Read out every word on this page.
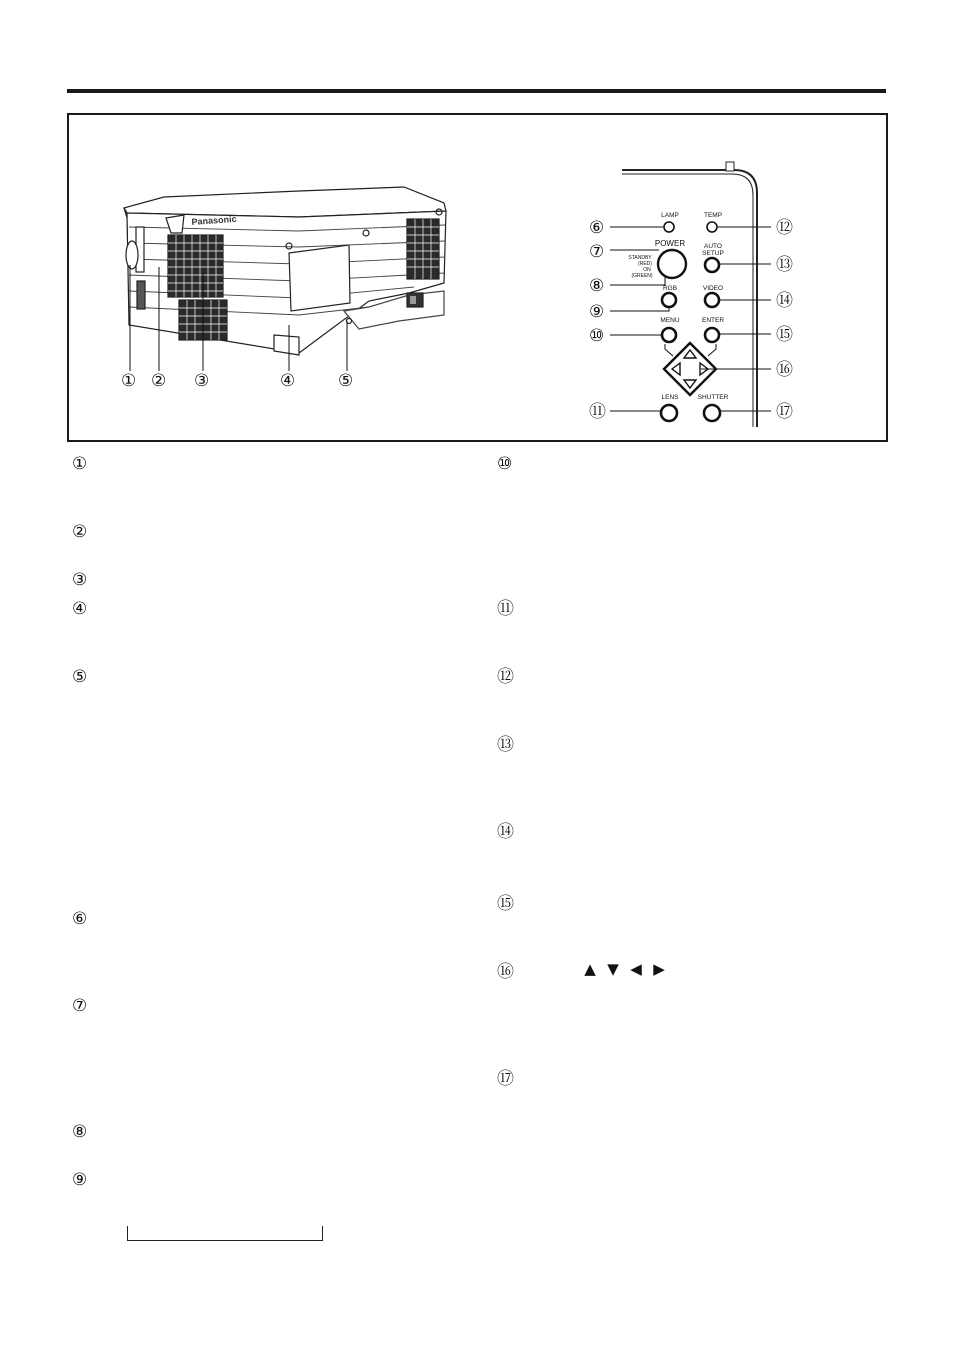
Panasonic
① ② ③	④	⑤
LAMP	TEMP
POWER
STANDBY
(RED)
ON
(GREEN)
RGB
AUTO
SETUP
VIDEO
MENU	ENTER
LENS	SHUTTER
⑥
⑦
⑧
⑨
⑩
⑪
⑫
⑬
⑭
⑮
⑯
⑰
①
②
③
④
⑤
⑥
⑦
⑧
⑨
⑩
⑪
⑫
⑬
⑭
⑮
⑯
⑰
▲ ▼ ◀ ▶
